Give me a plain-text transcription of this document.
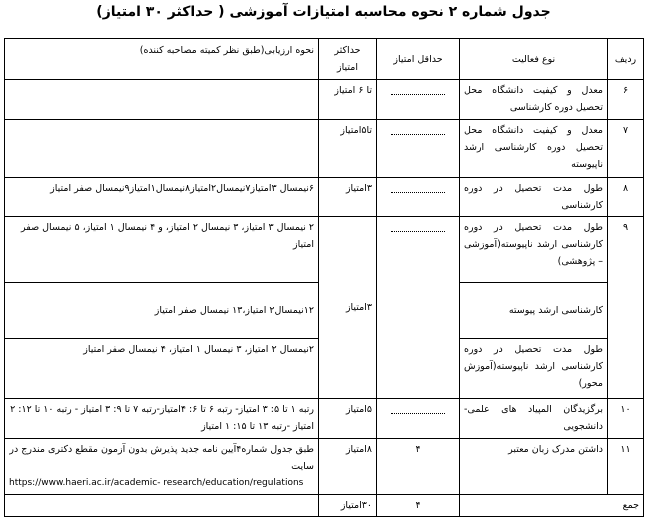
جدول شماره ۲ نحوه محاسبه امتیازات آموزشی ( حداکثر ۳۰ امتیاز)
ردیف	نوع فعالیت	حداقل امتیاز	حداکثر امتیاز	نحوه ارزیابی(طبق نظر کمیته مصاحبه کننده)
۶	معدل و کیفیت دانشگاه محل تحصیل دوره کارشناسی		تا ۶ امتیاز	
۷	معدل و کیفیت دانشگاه محل تحصیل دوره کارشناسی ارشد ناپیوسته		تا۵امتیاز	
۸	طول مدت تحصیل در دوره کارشناسی		۳امتیاز	۶نیمسال ۳امتیاز۷نیمسال۲امتیاز۸نیمسال۱امتیاز۹نیمسال صفر امتیاز
۹	طول مدت تحصیل در دوره کارشناسی ارشد ناپیوسته(آموزشی – پژوهشی)		۳امتیاز	۲ نیمسال ۳ امتیاز، ۳ نیمسال ۲ امتیاز، و ۴ نیمسال ۱ امتیاز، ۵ نیمسال صفر امتیاز
	کارشناسی ارشد پیوسته			۱۲نیمسال۲ امتیاز،۱۳ نیمسال صفر امتیاز
	طول مدت تحصیل در دوره کارشناسی ارشد ناپیوسته(آموزش محور)			۲نیمسال ۲ امتیاز، ۳ نیمسال ۱ امتیاز، ۴ نیمسال صفر امتیاز
۱۰	برگزیدگان المپیاد های علمی- دانشجویی		۵امتیاز	رتبه ۱ تا ۵: ۳ امتیاز- رتبه ۶ تا ۶: ۴امتیاز-رتبه ۷ تا ۹: ۳ امتیاز - رتبه ۱۰ تا ۱۲: ۲ امتیاز -رتبه ۱۳ تا ۱۵: ۱ امتیاز
۱۱	داشتن مدرک زبان معتبر	۴	۸امتیاز	طبق جدول شماره۴آیین نامه جدید پذیرش بدون آزمون مقطع دکتری مندرج در سایت
https://www.haeri.ac.ir/academic- research/education/regulations

جمع		۴	۳۰امتیاز	
